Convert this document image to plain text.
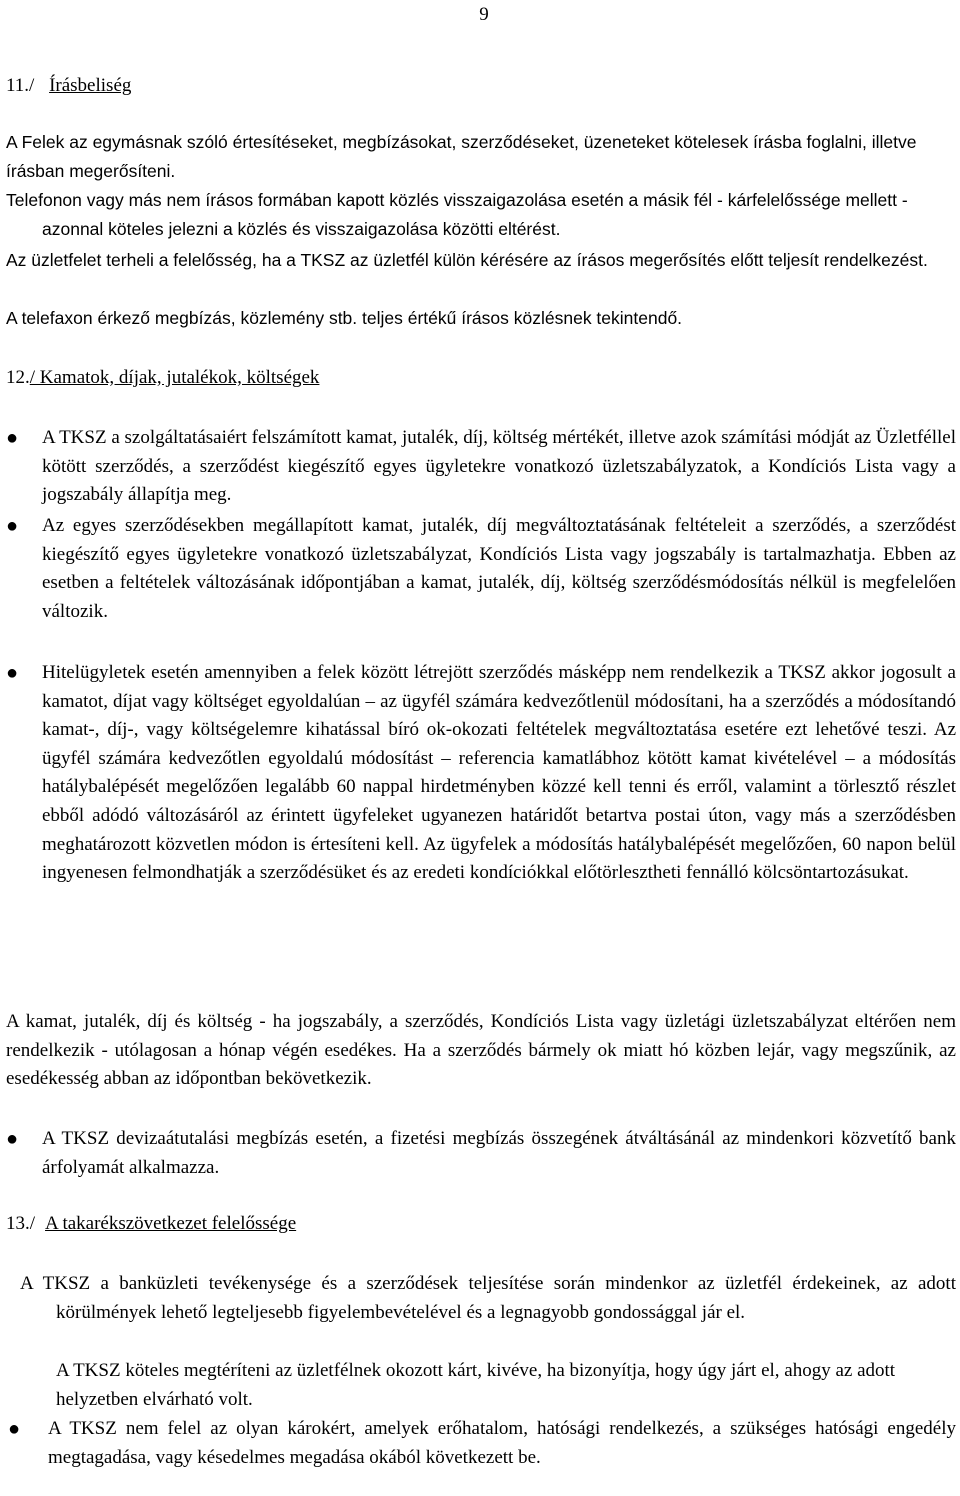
9
11./ Írásbeliség
A Felek az egymásnak szóló értesítéseket, megbízásokat, szerződéseket, üzeneteket kötelesek írásba foglalni, illetve írásban megerősíteni.
Telefonon vagy más nem írásos formában kapott közlés visszaigazolása esetén a másik fél - kárfelelőssége mellett - azonnal köteles jelezni a közlés és visszaigazolása közötti eltérést.
Az üzletfelet terheli a felelősség, ha a TKSZ az üzletfél külön kérésére az írásos megerősítés előtt teljesít rendelkezést.
A telefaxon érkező megbízás, közlemény stb. teljes értékű írásos közlésnek tekintendő.
12./ Kamatok, díjak, jutalékok, költségek
● A TKSZ a szolgáltatásaiért felszámított kamat, jutalék, díj, költség mértékét, illetve azok számítási módját az Üzletféllel kötött szerződés, a szerződést kiegészítő egyes ügyletekre vonatkozó üzletszabályzatok, a Kondíciós Lista vagy a jogszabály állapítja meg.
● Az egyes szerződésekben megállapított kamat, jutalék, díj megváltoztatásának feltételeit a szerződés, a szerződést kiegészítő egyes ügyletekre vonatkozó üzletszabályzat, Kondíciós Lista vagy jogszabály is tartalmazhatja. Ebben az esetben a feltételek változásának időpontjában a kamat, jutalék, díj, költség szerződésmódosítás nélkül is megfelelően változik.
● Hitelügyletek esetén amennyiben a felek között létrejött szerződés másképp nem rendelkezik a TKSZ akkor jogosult a kamatot, díjat vagy költséget egyoldalúan – az ügyfél számára kedvezőtlenül módosítani, ha a szerződés a módosítandó kamat-, díj-, vagy költségelemre kihatással bíró ok-okozati feltételek megváltoztatása esetére ezt lehetővé teszi. Az ügyfél számára kedvezőtlen egyoldalú módosítást – referencia kamatlábhoz kötött kamat kivételével – a módosítás hatálybalépését megelőzően legalább 60 nappal hirdetményben közzé kell tenni és erről, valamint a törlesztő részlet ebből adódó változásáról az érintett ügyfeleket ugyanezen határidőt betartva postai úton, vagy más a szerződésben meghatározott közvetlen módon is értesíteni kell. Az ügyfelek a módosítás hatálybalépését megelőzően, 60 napon belül ingyenesen felmondhatják a szerződésüket és az eredeti kondíciókkal előtörlesztheti fennálló kölcsöntartozásukat.
A kamat, jutalék, díj és költség - ha jogszabály, a szerződés, Kondíciós Lista vagy üzletági üzletszabályzat eltérően nem rendelkezik - utólagosan a hónap végén esedékes. Ha a szerződés bármely ok miatt hó közben lejár, vagy megszűnik, az esedékesség abban az időpontban bekövetkezik.
● A TKSZ devizaátutalási megbízás esetén, a fizetési megbízás összegének átváltásánál az mindenkori közvetítő bank árfolyamát alkalmazza.
13./ A takarékszövetkezet felelőssége
A TKSZ a banküzleti tevékenysége és a szerződések teljesítése során mindenkor az üzletfél érdekeinek, az adott körülmények lehető legteljesebb figyelembevételével és a legnagyobb gondossággal jár el.
A TKSZ köteles megtéríteni az üzletfélnek okozott kárt, kivéve, ha bizonyítja, hogy úgy járt el, ahogy az adott helyzetben elvárható volt.
● A TKSZ nem felel az olyan károkért, amelyek erőhatalom, hatósági rendelkezés, a szükséges hatósági engedély megtagadása, vagy késedelmes megadása okából következett be.
